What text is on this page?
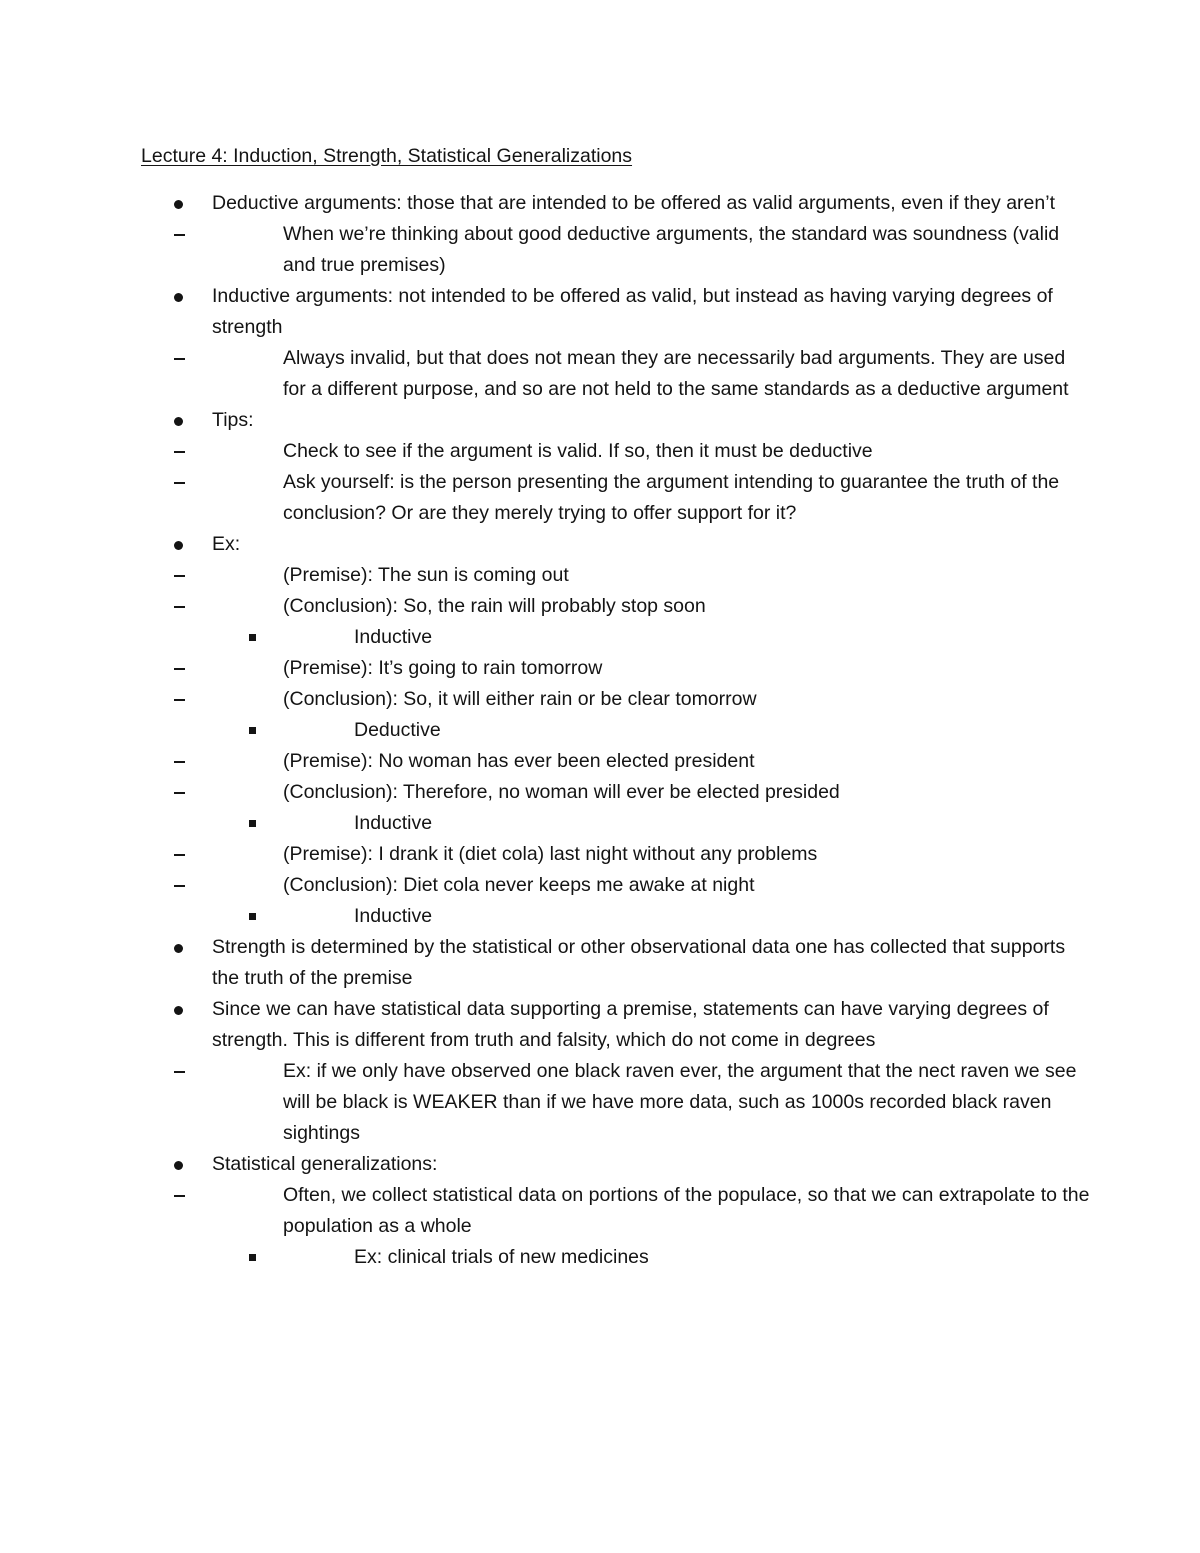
Lecture 4: Induction, Strength, Statistical Generalizations
Deductive arguments: those that are intended to be offered as valid arguments, even if they aren’t
When we’re thinking about good deductive arguments, the standard was soundness (valid and true premises)
Inductive arguments: not intended to be offered as valid, but instead as having varying degrees of strength
Always invalid, but that does not mean they are necessarily bad arguments. They are used for a different purpose, and so are not held to the same standards as a deductive argument
Tips:
Check to see if the argument is valid. If so, then it must be deductive
Ask yourself: is the person presenting the argument intending to guarantee the truth of the conclusion? Or are they merely trying to offer support for it?
Ex:
(Premise): The sun is coming out
(Conclusion): So, the rain will probably stop soon
Inductive
(Premise): It’s going to rain tomorrow
(Conclusion): So, it will either rain or be clear tomorrow
Deductive
(Premise): No woman has ever been elected president
(Conclusion): Therefore, no woman will ever be elected presided
Inductive
(Premise): I drank it (diet cola) last night without any problems
(Conclusion): Diet cola never keeps me awake at night
Inductive
Strength is determined by the statistical or other observational data one has collected that supports the truth of the premise
Since we can have statistical data supporting a premise, statements can have varying degrees of strength. This is different from truth and falsity, which do not come in degrees
Ex: if we only have observed one black raven ever, the argument that the nect raven we see will be black is WEAKER than if we have more data, such as 1000s recorded black raven sightings
Statistical generalizations:
Often, we collect statistical data on portions of the populace, so that we can extrapolate to the population as a whole
Ex: clinical trials of new medicines
